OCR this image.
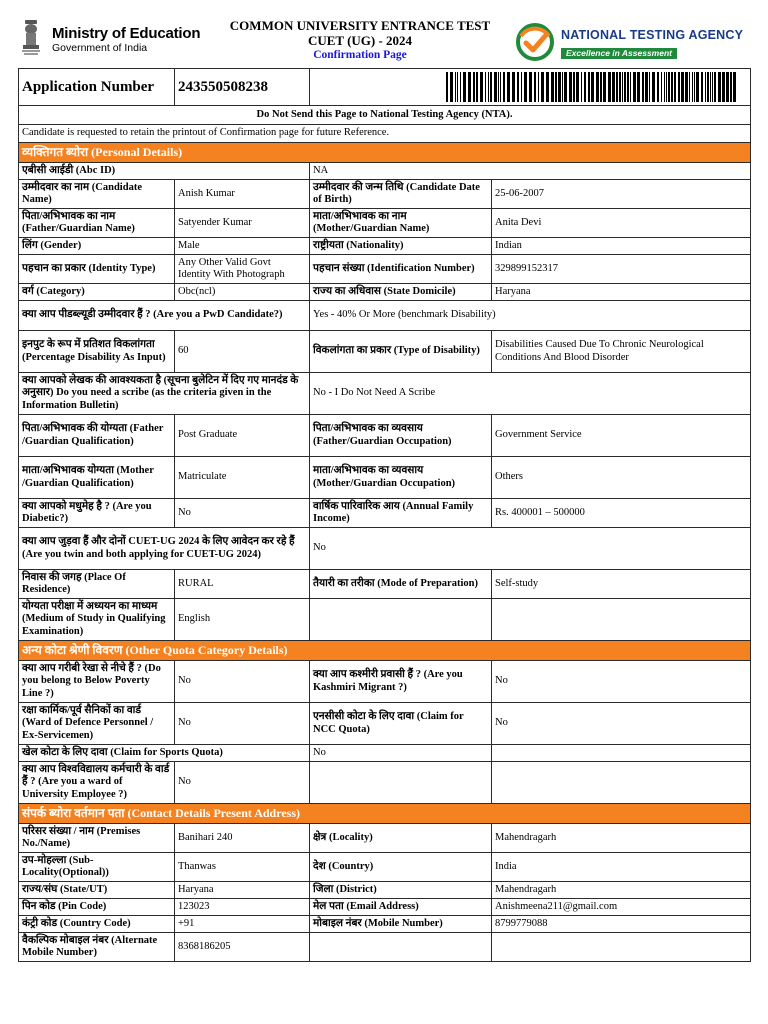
Ministry of Education
Government of India
COMMON UNIVERSITY ENTRANCE TEST
CUET (UG) - 2024
Confirmation Page
NATIONAL TESTING AGENCY
Excellence in Assessment
Application Number	243550508238	

Do Not Send this Page to National Testing Agency (NTA).			
Candidate is requested to retain the printout of Confirmation page for future Reference.			
व्यक्तिगत ब्योरा (Personal Details)			
एबीसी आईडी (Abc ID)		NA	
उम्मीदवार का नाम (Candidate Name)	Anish Kumar	उम्मीदवार की जन्म तिथि (Candidate Date of Birth)	25-06-2007
पिता/अभिभावक का नाम (Father/Guardian Name)	Satyender Kumar	माता/अभिभावक का नाम (Mother/Guardian Name)	Anita Devi
लिंग (Gender)	Male	राष्ट्रीयता (Nationality)	Indian
पहचान का प्रकार (Identity Type)	Any Other Valid Govt Identity With Photograph	पहचान संख्या (Identification Number)	329899152317
वर्ग (Category)	Obc(ncl)	राज्य का अधिवास (State Domicile)	Haryana
क्या आप पीडब्ल्यूडी उम्मीदवार हैं ? (Are you a PwD Candidate?)		Yes - 40% Or More (benchmark Disability)	
इनपुट के रूप में प्रतिशत विकलांगता (Percentage Disability As Input)	60	विकलांगता का प्रकार (Type of Disability)	Disabilities Caused Due To Chronic Neurological Conditions And Blood Disorder
क्या आपको लेखक की आवश्यकता है (सूचना बुलेटिन में दिए गए मानदंड के अनुसार) Do you need a scribe (as the criteria given in the Information Bulletin)		No - I Do Not Need A Scribe	
पिता/अभिभावक की योग्यता (Father /Guardian Qualification)	Post Graduate	पिता/अभिभावक का व्यवसाय (Father/Guardian Occupation)	Government Service
माता/अभिभावक योग्यता (Mother /Guardian Qualification)	Matriculate	माता/अभिभावक का व्यवसाय (Mother/Guardian Occupation)	Others
क्या आपको मधुमेह है ? (Are you Diabetic?)	No	वार्षिक पारिवारिक आय (Annual Family Income)	Rs. 400001 – 500000
क्या आप जुड़वा हैं और दोनों CUET-UG 2024 के लिए आवेदन कर रहे हैं (Are you twin and both applying for CUET-UG 2024)		No	
निवास की जगह (Place Of Residence)	RURAL	तैयारी का तरीका (Mode of Preparation)	Self-study
योग्यता परीक्षा में अध्ययन का माध्यम (Medium of Study in Qualifying Examination)	English		
अन्य कोटा श्रेणी विवरण (Other Quota Category Details)			
क्या आप गरीबी रेखा से नीचे हैं ? (Do you belong to Below Poverty Line ?)	No	क्या आप कश्मीरी प्रवासी हैं ? (Are you Kashmiri Migrant ?)	No
रक्षा कार्मिक/पूर्व सैनिकों का वार्ड (Ward of Defence Personnel / Ex-Servicemen)	No	एनसीसी कोटा के लिए दावा (Claim for NCC Quota)	No
खेल कोटा के लिए दावा (Claim for Sports Quota)		No	
क्या आप विश्वविद्यालय कर्मचारी के वार्ड हैं ? (Are you a ward of University Employee ?)	No		
संपर्क ब्योरा वर्तमान पता (Contact Details Present Address)			
परिसर संख्या / नाम (Premises No./Name)	Banihari 240	क्षेत्र (Locality)	Mahendragarh
उप-मोहल्ला (Sub-Locality(Optional))	Thanwas	देश (Country)	India
राज्य/संघ (State/UT)	Haryana	जिला (District)	Mahendragarh
पिन कोड (Pin Code)	123023	मेल पता (Email Address)	Anishmeena211@gmail.com
कंट्री कोड (Country Code)	+91	मोबाइल नंबर (Mobile Number)	8799779088
वैकल्पिक मोबाइल नंबर (Alternate Mobile Number)	8368186205		
